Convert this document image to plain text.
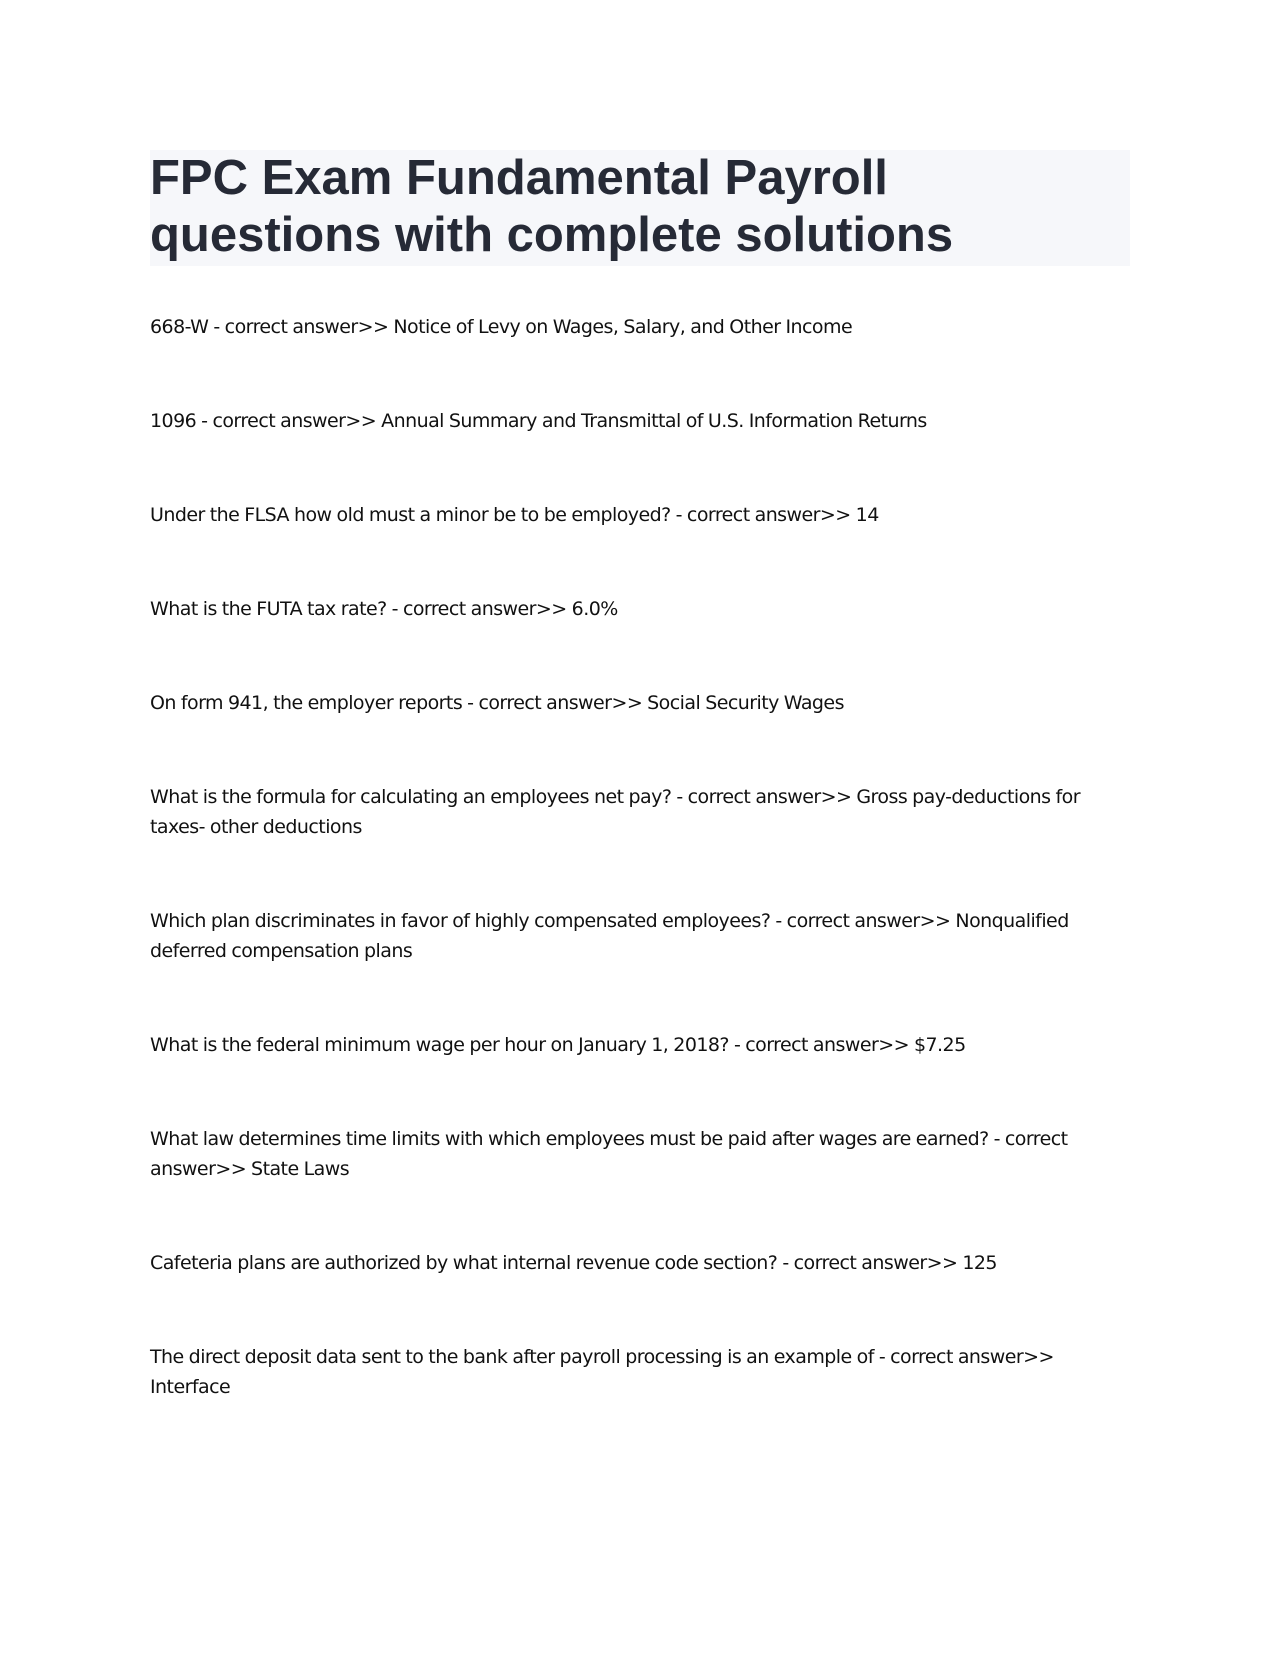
FPC Exam Fundamental Payroll questions with complete solutions

668-W - correct answer>> Notice of Levy on Wages, Salary, and Other Income

1096 - correct answer>> Annual Summary and Transmittal of U.S. Information Returns

Under the FLSA how old must a minor be to be employed? - correct answer>> 14

What is the FUTA tax rate? - correct answer>> 6.0%

On form 941, the employer reports - correct answer>> Social Security Wages

What is the formula for calculating an employees net pay? - correct answer>> Gross pay-deductions for taxes- other deductions

Which plan discriminates in favor of highly compensated employees? - correct answer>> Nonqualified deferred compensation plans

What is the federal minimum wage per hour on January 1, 2018? - correct answer>> $7.25

What law determines time limits with which employees must be paid after wages are earned? - correct answer>> State Laws

Cafeteria plans are authorized by what internal revenue code section? - correct answer>> 125

The direct deposit data sent to the bank after payroll processing is an example of - correct answer>> Interface
